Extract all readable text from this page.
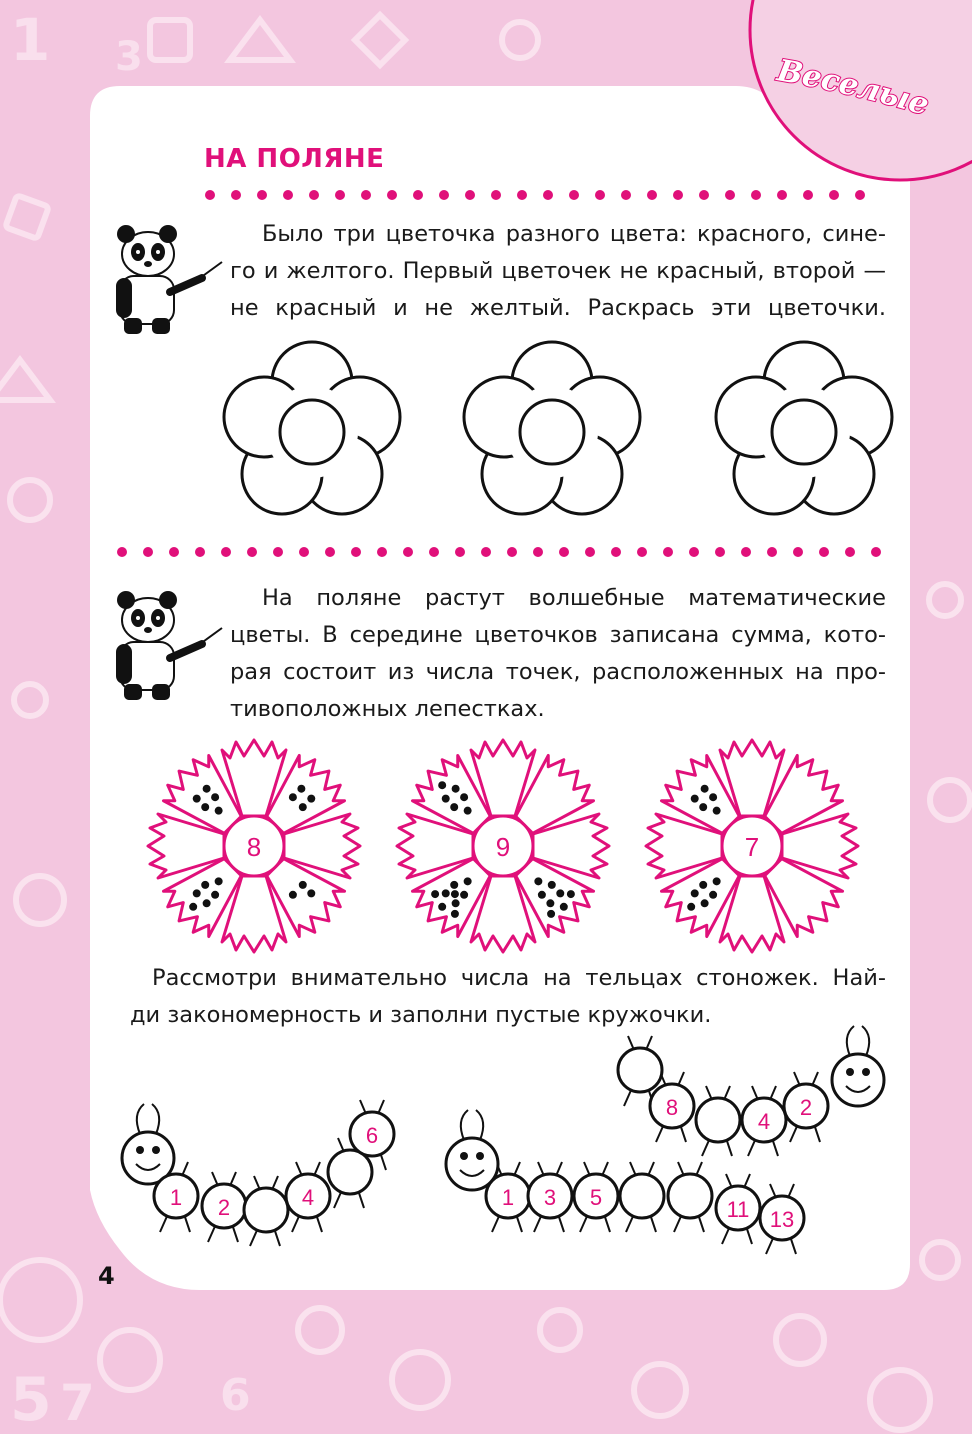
1 3
5 7	6
8	9	7
1 2	4
6
8
4
2
1 3 5	11 13
Веселые
НА ПОЛЯНЕ
Было три цветочка разного цвета: красного, сине-
го и желтого. Первый цветочек не красный, второй —
не красный и не желтый. Раскрась эти цветочки.
На поляне растут волшебные математические
цветы. В середине цветочков записана сумма, кото-
рая состоит из числа точек, расположенных на про-
тивоположных лепестках.
Рассмотри внимательно числа на тельцах стоножек. Най-
ди закономерность и заполни пустые кружочки.
4
